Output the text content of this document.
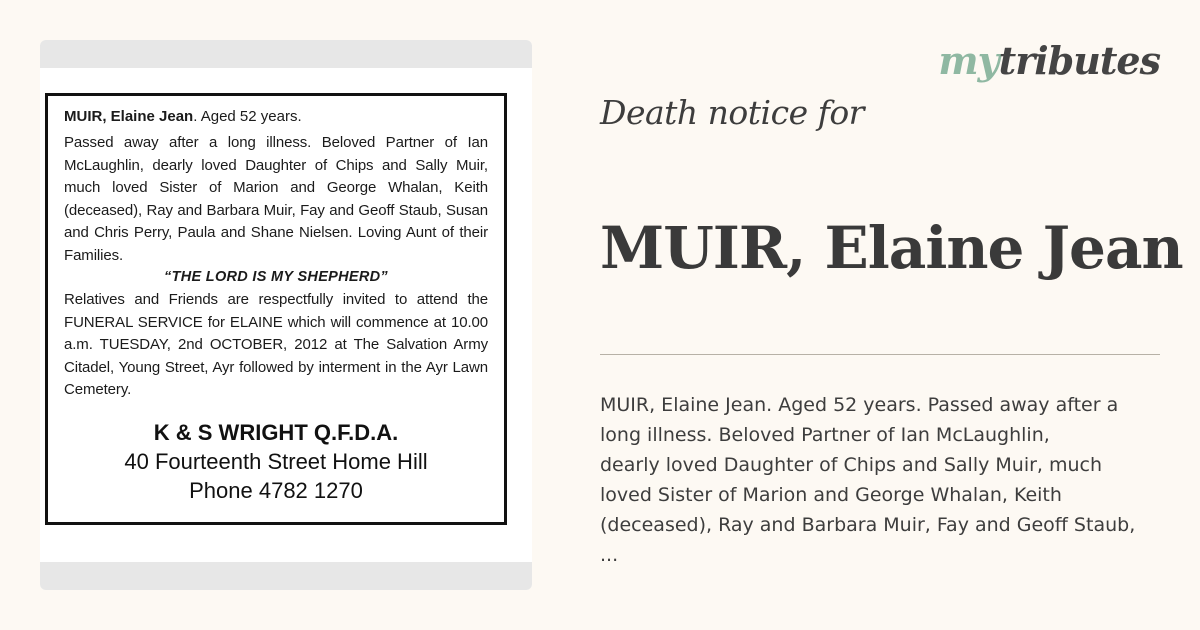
MUIR, Elaine Jean. Aged 52 years.

Passed away after a long illness. Beloved Partner of Ian McLaughlin, dearly loved Daughter of Chips and Sally Muir, much loved Sister of Marion and George Whalan, Keith (deceased), Ray and Barbara Muir, Fay and Geoff Staub, Susan and Chris Perry, Paula and Shane Nielsen. Loving Aunt of their Families.

“THE LORD IS MY SHEPHERD”

Relatives and Friends are respectfully invited to attend the FUNERAL SERVICE for ELAINE which will commence at 10.00 a.m. TUESDAY, 2nd OCTOBER, 2012 at The Salvation Army Citadel, Young Street, Ayr followed by interment in the Ayr Lawn Cemetery.

K & S WRIGHT Q.F.D.A.
40 Fourteenth Street Home Hill
Phone 4782 1270
mytributes
Death notice for
MUIR, Elaine Jean
MUIR, Elaine Jean. Aged 52 years. Passed away after a
long illness. Beloved Partner of Ian McLaughlin,
dearly loved Daughter of Chips and Sally Muir, much
loved Sister of Marion and George Whalan, Keith
(deceased), Ray and Barbara Muir, Fay and Geoff Staub,
...
